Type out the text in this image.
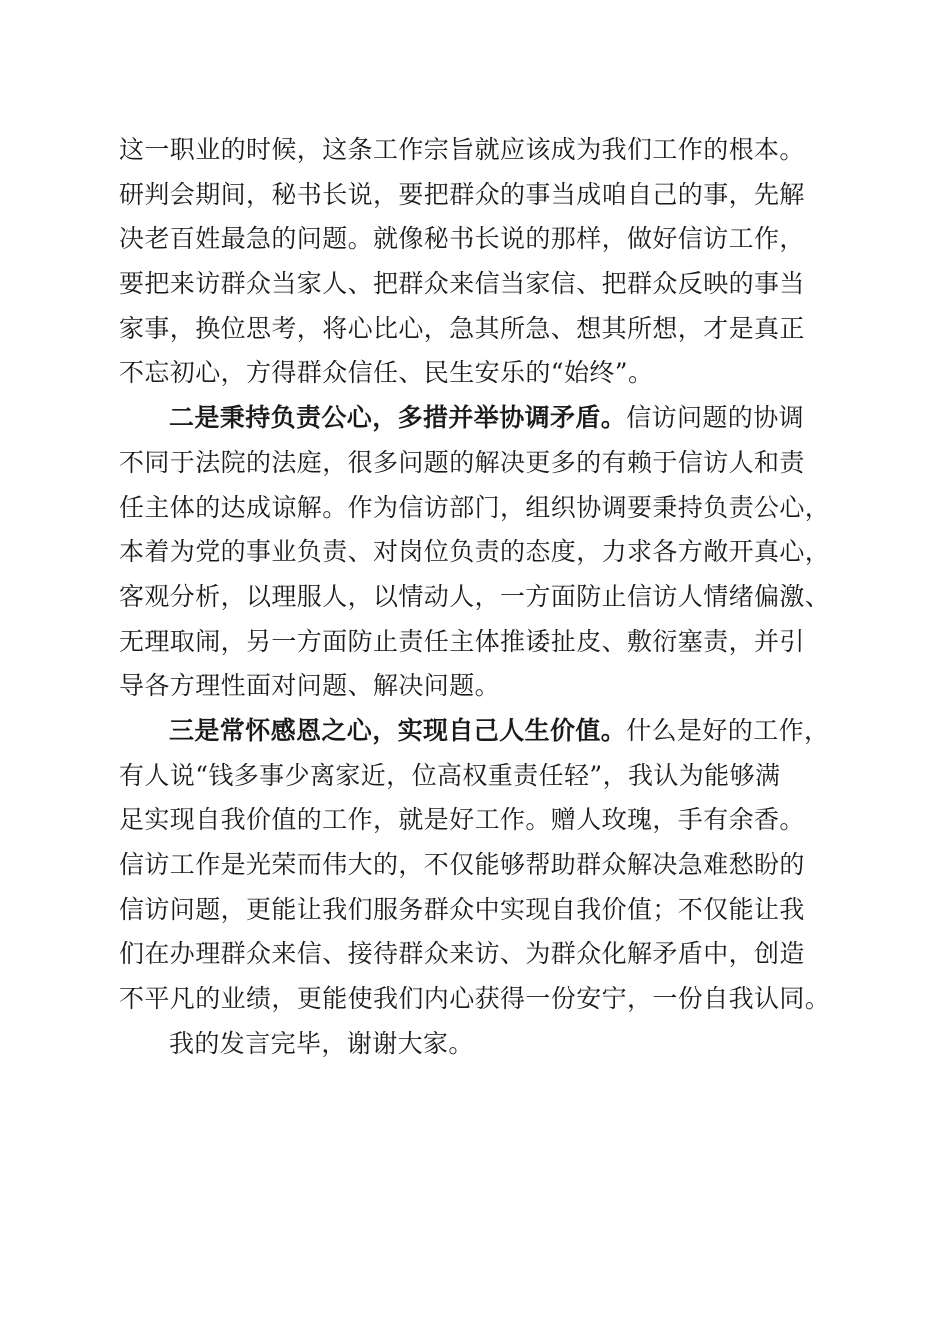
这一职业的时候，这条工作宗旨就应该成为我们工作的根本。
研判会期间，秘书长说，要把群众的事当成咱自己的事，先解
决老百姓最急的问题。就像秘书长说的那样，做好信访工作，
要把来访群众当家人、把群众来信当家信、把群众反映的事当
家事，换位思考，将心比心，急其所急、想其所想，才是真正
不忘初心，方得群众信任、民生安乐的“始终”。
二是秉持负责公心，多措并举协调矛盾。信访问题的协调
不同于法院的法庭，很多问题的解决更多的有赖于信访人和责
任主体的达成谅解。作为信访部门，组织协调要秉持负责公心，
本着为党的事业负责、对岗位负责的态度，力求各方敞开真心，
客观分析，以理服人，以情动人，一方面防止信访人情绪偏激、
无理取闹，另一方面防止责任主体推诿扯皮、敷衍塞责，并引
导各方理性面对问题、解决问题。
三是常怀感恩之心，实现自己人生价值。什么是好的工作，
有人说“钱多事少离家近，位高权重责任轻”，我认为能够满
足实现自我价值的工作，就是好工作。赠人玫瑰，手有余香。
信访工作是光荣而伟大的，不仅能够帮助群众解决急难愁盼的
信访问题，更能让我们服务群众中实现自我价值；不仅能让我
们在办理群众来信、接待群众来访、为群众化解矛盾中，创造
不平凡的业绩，更能使我们内心获得一份安宁，一份自我认同。
我的发言完毕，谢谢大家。
